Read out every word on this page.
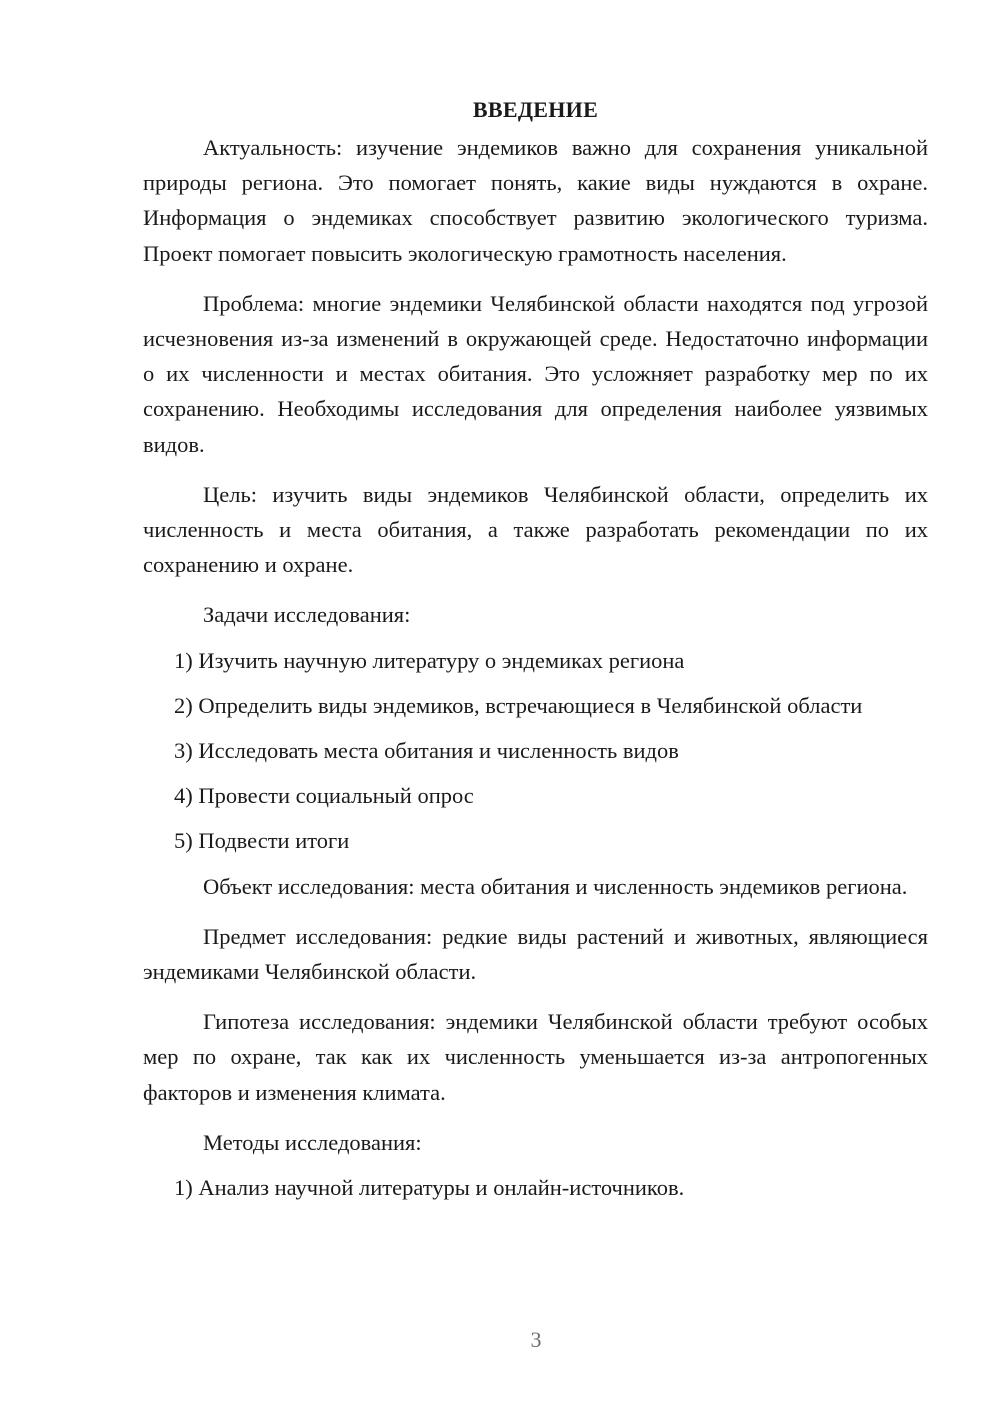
ВВЕДЕНИЕ

Актуальность: изучение эндемиков важно для сохранения уникальной природы региона. Это помогает понять, какие виды нуждаются в охране. Информация о эндемиках способствует развитию экологического туризма. Проект помогает повысить экологическую грамотность населения.

Проблема: многие эндемики Челябинской области находятся под угрозой исчезновения из-за изменений в окружающей среде. Недостаточно информации о их численности и местах обитания. Это усложняет разработку мер по их сохранению. Необходимы исследования для определения наиболее уязвимых видов.

Цель: изучить виды эндемиков Челябинской области, определить их численность и места обитания, а также разработать рекомендации по их сохранению и охране.

Задачи исследования:

1) Изучить научную литературу о эндемиках региона

2) Определить виды эндемиков, встречающиеся в Челябинской области

3) Исследовать места обитания и численность видов

4) Провести социальный опрос

5) Подвести итоги

Объект исследования: места обитания и численность эндемиков региона.

Предмет исследования: редкие виды растений и животных, являющиеся эндемиками Челябинской области.

Гипотеза исследования: эндемики Челябинской области требуют особых мер по охране, так как их численность уменьшается из-за антропогенных факторов и изменения климата.

Методы исследования:

1) Анализ научной литературы и онлайн-источников.

3
